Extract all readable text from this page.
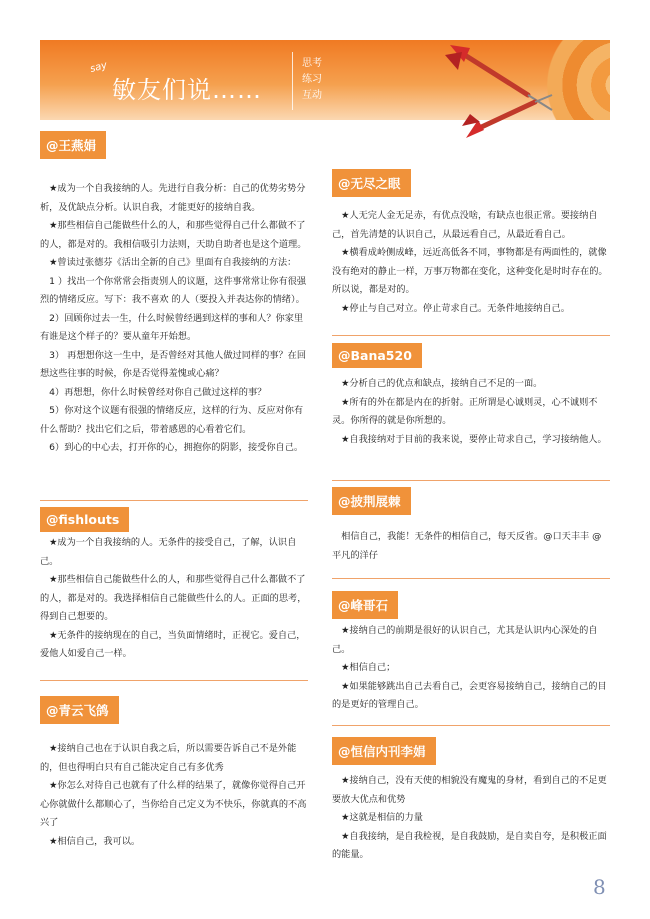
say
敏友们说……
思考
练习
互动
@王燕娟

　★成为一个自我接纳的人。先进行自我分析：自己的优势劣势分析，及优缺点分析。认识自我，才能更好的接纳自我。

　★那些相信自己能做些什么的人，和那些觉得自己什么都做不了的人，都是对的。我相信吸引力法则，天助自助者也是这个道理。

　★曾读过张德芬《活出全新的自己》里面有自我接纳的方法：

　1 ）找出一个你常常会指责别人的议题，这件事常常让你有很强烈的情绪反应。写下：我不喜欢 的人（要投入并表达你的情绪）。

　2）回顾你过去一生，什么时候曾经遇到这样的事和人？你家里有谁是这个样子的？要从童年开始想。

　3） 再想想你这一生中，是否曾经对其他人做过同样的事？在回想这些往事的时候，你是否觉得羞愧或心痛？

　4）再想想，你什么时候曾经对你自己做过这样的事？

　5）你对这个议题有很强的情绪反应，这样的行为、反应对你有什么帮助？找出它们之后，带着感恩的心看着它们。

　6）到心的中心去，打开你的心，拥抱你的阴影，接受你自己。

@fishlouts

　★成为一个自我接纳的人。无条件的接受自己，了解，认识自己。

　★那些相信自己能做些什么的人，和那些觉得自己什么都做不了的人，都是对的。我选择相信自己能做些什么的人。正面的思考，得到自己想要的。

　★无条件的接纳现在的自己，当负面情绪时，正视它。爱自己，爱他人如爱自己一样。

@青云飞鸽

　★接纳自己也在于认识自我之后，所以需要告诉自己不是外能的，但也得明白只有自己能决定自己有多优秀

　★你怎么对待自己也就有了什么样的结果了，就像你觉得自己开心你就做什么都顺心了，当你给自己定义为不快乐，你就真的不高兴了

　★相信自己，我可以。

@无尽之眼

　★人无完人金无足赤，有优点没啥，有缺点也很正常。要接纳自己，首先清楚的认识自己，从最远看自己，从最近看自己。

　★横看成岭侧成峰，远近高低各不同，事物都是有两面性的，就像没有绝对的静止一样，万事万物都在变化，这种变化是时时存在的。所以说，都是对的。

　★停止与自己对立。停止苛求自己。无条件地接纳自己。

@Bana520

　★分析自己的优点和缺点，接纳自己不足的一面。

　★所有的外在都是内在的折射。正所谓是心诚则灵，心不诚则不灵。你所得的就是你所想的。

　★自我接纳对于目前的我来说，要停止苛求自己，学习接纳他人。

@披荆展棘

　相信自己，我能！无条件的相信自己，每天反省。@口天丰丰 @平凡的洋仔

@峰哥石

　★接纳自己的前期是很好的认识自己，尤其是认识内心深处的自己。

　★相信自己；

　★如果能够跳出自己去看自己，会更容易接纳自己，接纳自己的目的是更好的管理自己。

@恒信内刊李娟

　★接纳自己，没有天使的相貌没有魔鬼的身材，看到自己的不足更要放大优点和优势

　★这就是相信的力量

　★自我接纳，是自我检视，是自我鼓励，是自卖自夸，是积极正面的能量。

8
